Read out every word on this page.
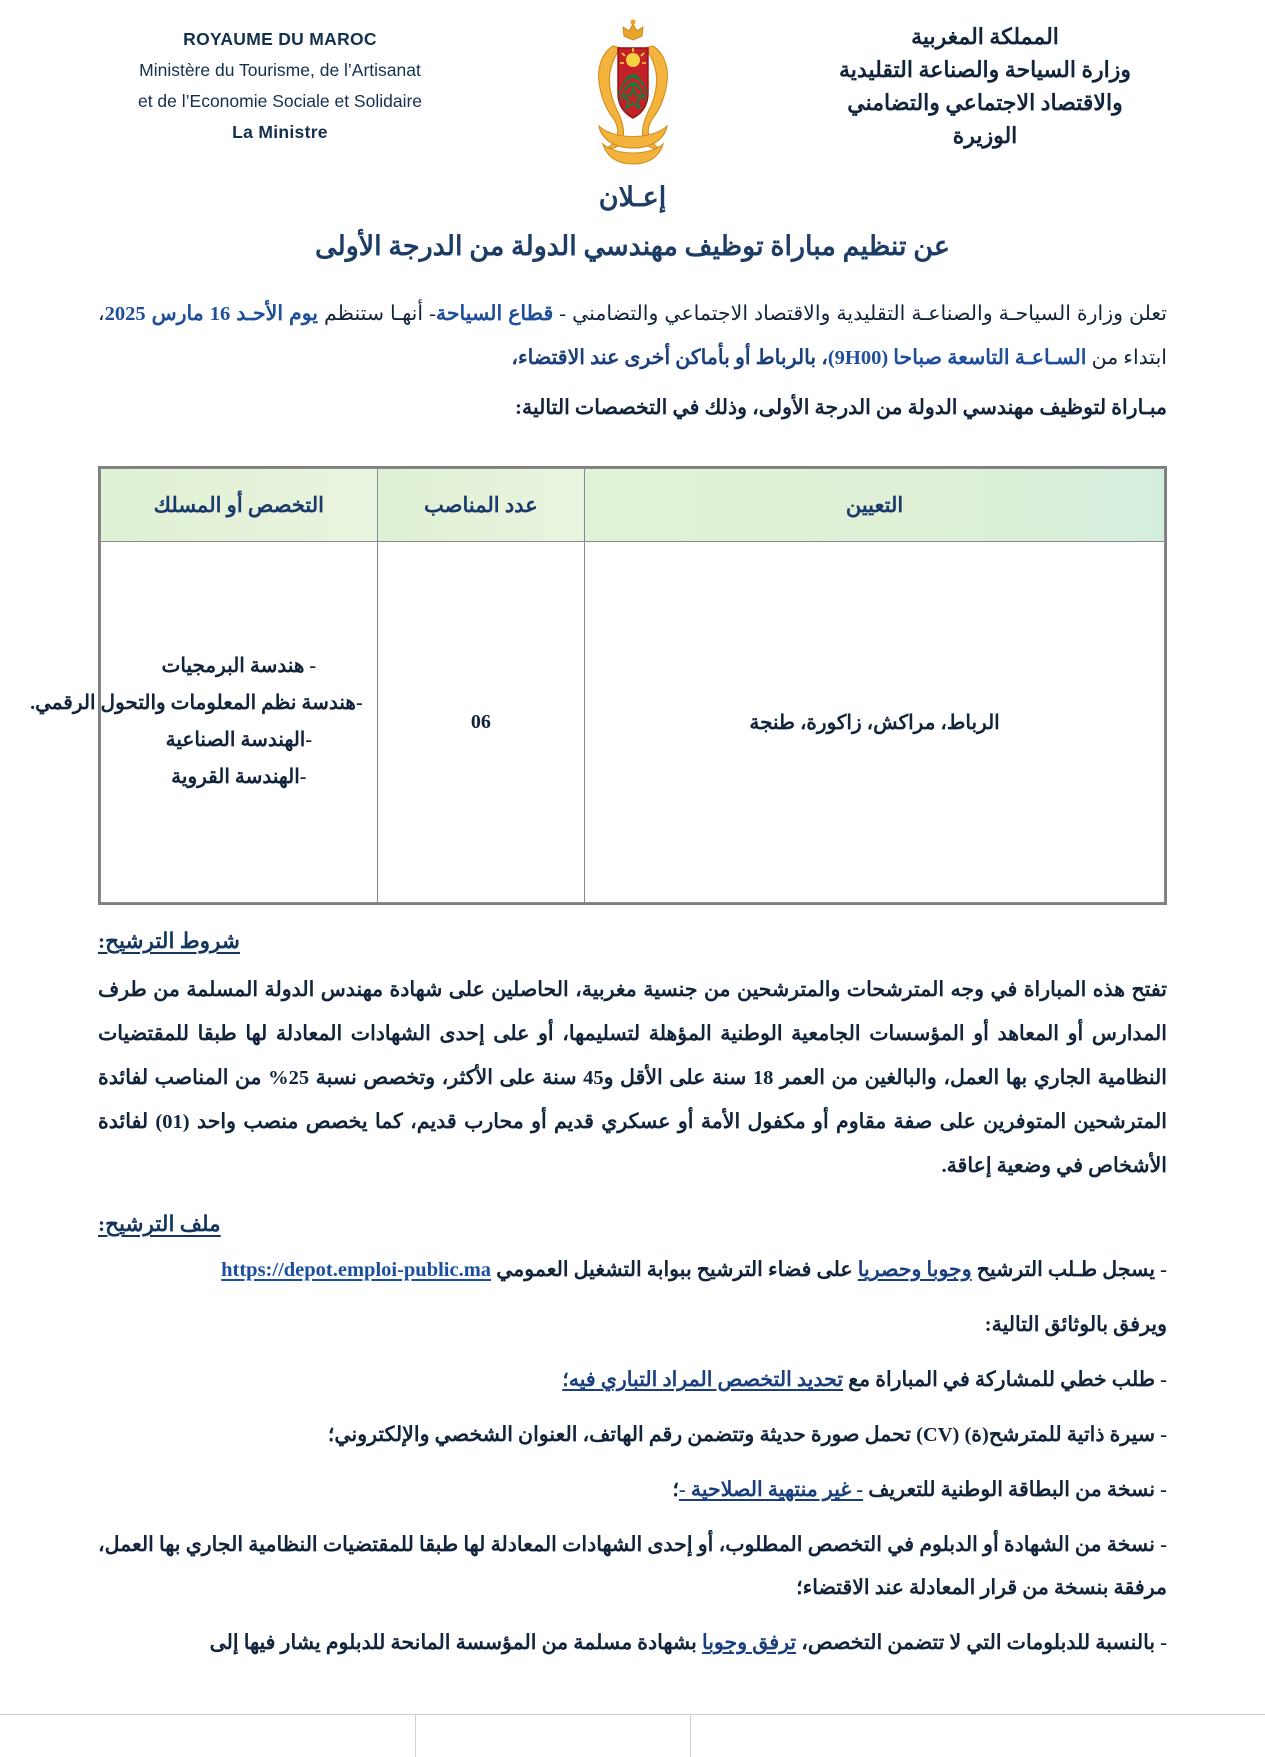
المملكة المغربية
وزارة السياحة والصناعة التقليدية
والاقتصاد الاجتماعي والتضامني
الوزيرة
ROYAUME DU MAROC
Ministère du Tourisme, de l’Artisanat
et de l’Economie Sociale et Solidaire
La Ministre
إعـلان
عن تنظيم مباراة توظيف مهندسي الدولة من الدرجة الأولى
تعلن وزارة السياحـة والصناعـة التقليدية والاقتصاد الاجتماعي والتضامني - قطاع السياحة- أنهـا ستنظم يوم الأحـد 16 مارس 2025، ابتداء من السـاعـة التاسعة صباحا (9H00)، بالرباط أو بأماكن أخرى عند الاقتضاء،
مبـاراة لتوظيف مهندسي الدولة من الدرجة الأولى، وذلك في التخصصات التالية:
التعيين	عدد المناصب	التخصص أو المسلك
الرباط، مراكش، زاكورة، طنجة	06	- هندسة البرمجيات
-هندسة نظم المعلومات والتحول الرقمي.
-الهندسة الصناعية
-الهندسة القروية
شروط الترشيح:
تفتح هذه المباراة في وجه المترشحات والمترشحين من جنسية مغربية، الحاصلين على شهادة مهندس الدولة المسلمة من طرف المدارس أو المعاهد أو المؤسسات الجامعية الوطنية المؤهلة لتسليمها، أو على إحدى الشهادات المعادلة لها طبقا للمقتضيات النظامية الجاري بها العمل، والبالغين من العمر 18 سنة على الأقل و45 سنة على الأكثر، وتخصص نسبة 25% من المناصب لفائدة المترشحين المتوفرين على صفة مقاوم أو مكفول الأمة أو عسكري قديم أو محارب قديم، كما يخصص منصب واحد (01) لفائدة الأشخاص في وضعية إعاقة.
ملف الترشيح:
- يسجل طـلب الترشيح وجوبا وحصريا على فضاء الترشيح ببوابة التشغيل العمومي https://depot.emploi-public.ma
ويرفق بالوثائق التالية:
- طلب خطي للمشاركة في المباراة مع تحديد التخصص المراد التباري فيه؛
- سيرة ذاتية للمترشح(ة) (CV) تحمل صورة حديثة وتتضمن رقم الهاتف، العنوان الشخصي والإلكتروني؛
- نسخة من البطاقة الوطنية للتعريف - غير منتهية الصلاحية -؛
- نسخة من الشهادة أو الدبلوم في التخصص المطلوب، أو إحدى الشهادات المعادلة لها طبقا للمقتضيات النظامية الجاري بها العمل، مرفقة بنسخة من قرار المعادلة عند الاقتضاء؛
- بالنسبة للدبلومات التي لا تتضمن التخصص، ترفق وجوبا بشهادة مسلمة من المؤسسة المانحة للدبلوم يشار فيها إلى
